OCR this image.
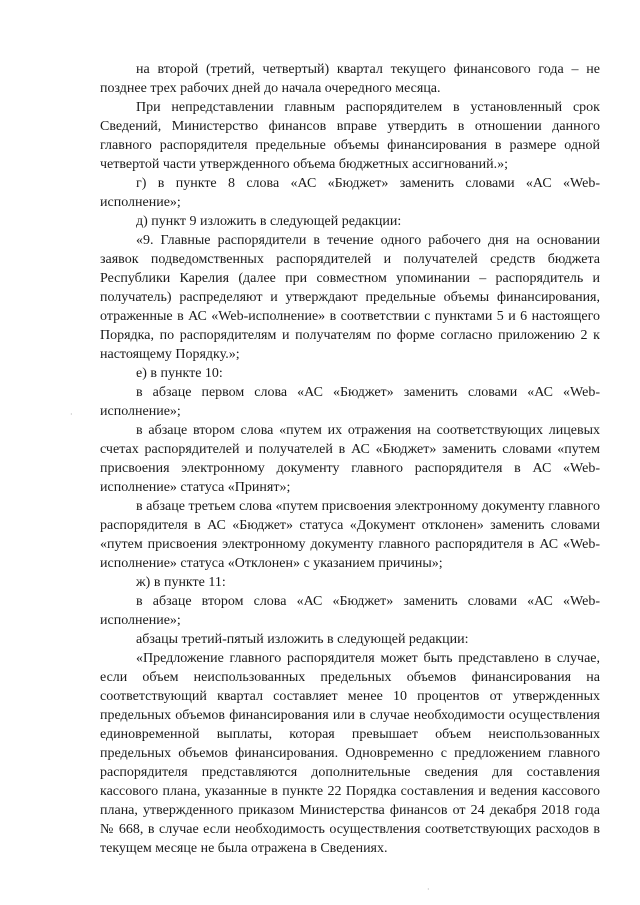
на второй (третий, четвертый) квартал текущего финансового года – не позднее трех рабочих дней до начала очередного месяца.

При непредставлении главным распорядителем в установленный срок Сведений, Министерство финансов вправе утвердить в отношении данного главного распорядителя предельные объемы финансирования в размере одной четвертой части утвержденного объема бюджетных ассигнований.»;

г) в пункте 8 слова «АС «Бюджет» заменить словами «АС «Web-исполнение»;

д) пункт 9 изложить в следующей редакции:

«9. Главные распорядители в течение одного рабочего дня на основании заявок подведомственных распорядителей и получателей средств бюджета Республики Карелия (далее при совместном упоминании – распорядитель и получатель) распределяют и утверждают предельные объемы финансирования, отраженные в АС «Web-исполнение» в соответствии с пунктами 5 и 6 настоящего Порядка, по распорядителям и получателям по форме согласно приложению 2 к настоящему Порядку.»;

е) в пункте 10:

в абзаце первом слова «АС «Бюджет» заменить словами «АС «Web-исполнение»;

в абзаце втором слова «путем их отражения на соответствующих лицевых счетах распорядителей и получателей в АС «Бюджет» заменить словами «путем присвоения электронному документу главного распорядителя в АС «Web-исполнение» статуса «Принят»;

в абзаце третьем слова «путем присвоения электронному документу главного распорядителя в АС «Бюджет» статуса «Документ отклонен» заменить словами «путем присвоения электронному документу главного распорядителя в АС «Web-исполнение» статуса «Отклонен» с указанием причины»;

ж) в пункте 11:

в абзаце втором слова «АС «Бюджет» заменить словами «АС «Web-исполнение»;

абзацы третий-пятый изложить в следующей редакции:

«Предложение главного распорядителя может быть представлено в случае, если объем неиспользованных предельных объемов финансирования на соответствующий квартал составляет менее 10 процентов от утвержденных предельных объемов финансирования или в случае необходимости осуществления единовременной выплаты, которая превышает объем неиспользованных предельных объемов финансирования. Одновременно с предложением главного распорядителя представляются дополнительные сведения для составления кассового плана, указанные в пункте 22 Порядка составления и ведения кассового плана, утвержденного приказом Министерства финансов от 24 декабря 2018 года № 668, в случае если необходимость осуществления соответствующих расходов в текущем месяце не была отражена в Сведениях.

·
·
